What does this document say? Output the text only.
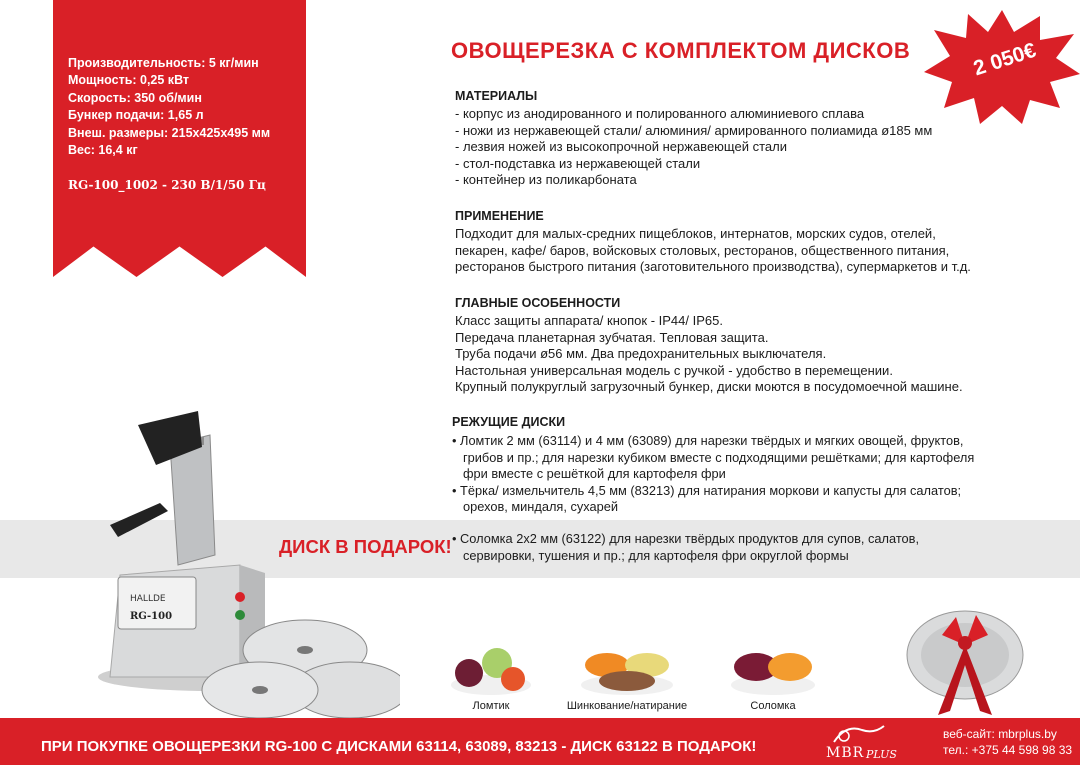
Производительность: 5 кг/мин
Мощность: 0,25 кВт
Скорость: 350 об/мин
Бункер подачи: 1,65 л
Внеш. размеры: 215х425х495 мм
Вес: 16,4 кг
RG-100_1002 - 230 В/1/50 Гц
ОВОЩЕРЕЗКА С КОМПЛЕКТОМ ДИСКОВ	2 050€
МАТЕРИАЛЫ
- корпус из анодированного и полированного алюминиевого сплава
- ножи из нержавеющей стали/ алюминия/ армированного полиамида ø185 мм
- лезвия ножей из высокопрочной нержавеющей стали
- стол-подставка из нержавеющей стали
- контейнер из поликарбоната
ПРИМЕНЕНИЕ
Подходит для малых-средних пищеблоков, интернатов, морских судов, отелей,
пекарен, кафе/ баров, войсковых столовых, ресторанов, общественного питания,
ресторанов быстрого питания (заготовительного производства), супермаркетов и т.д.
ГЛАВНЫЕ ОСОБЕННОСТИ
Класс защиты аппарата/ кнопок - IP44/ IP65.
Передача планетарная зубчатая. Тепловая защита.
Труба подачи ø56 мм. Два предохранительных выключателя.
Настольная универсальная модель с ручкой - удобство в перемещении.
Крупный полукруглый загрузочный бункер, диски моются в посудомоечной машине.
РЕЖУЩИЕ ДИСКИ
• Ломтик 2 мм (63114) и 4 мм (63089) для нарезки твёрдых и мягких овощей, фруктов,
грибов и пр.; для нарезки кубиком вместе с подходящими решётками; для картофеля
фри вместе с решёткой для картофеля фри
• Тёрка/ измельчитель 4,5 мм (83213) для натирания моркови и капусты для салатов;
орехов, миндаля, сухарей
ДИСК В ПОДАРОК! • Соломка 2х2 мм (63122) для нарезки твёрдых продуктов для супов, салатов,
сервировки, тушения и пр.; для картофеля фри округлой формы
HALLDE
RG-100
Ломтик	Шинкование/натирание	Соломка
ПРИ ПОКУПКЕ ОВОЩЕРЕЗКИ RG-100 С ДИСКАМИ 63114, 63089, 83213 - ДИСК 63122 В ПОДАРОК!	MBR PLUS
веб-сайт: mbrplus.by
тел.: +375 44 598 98 33
